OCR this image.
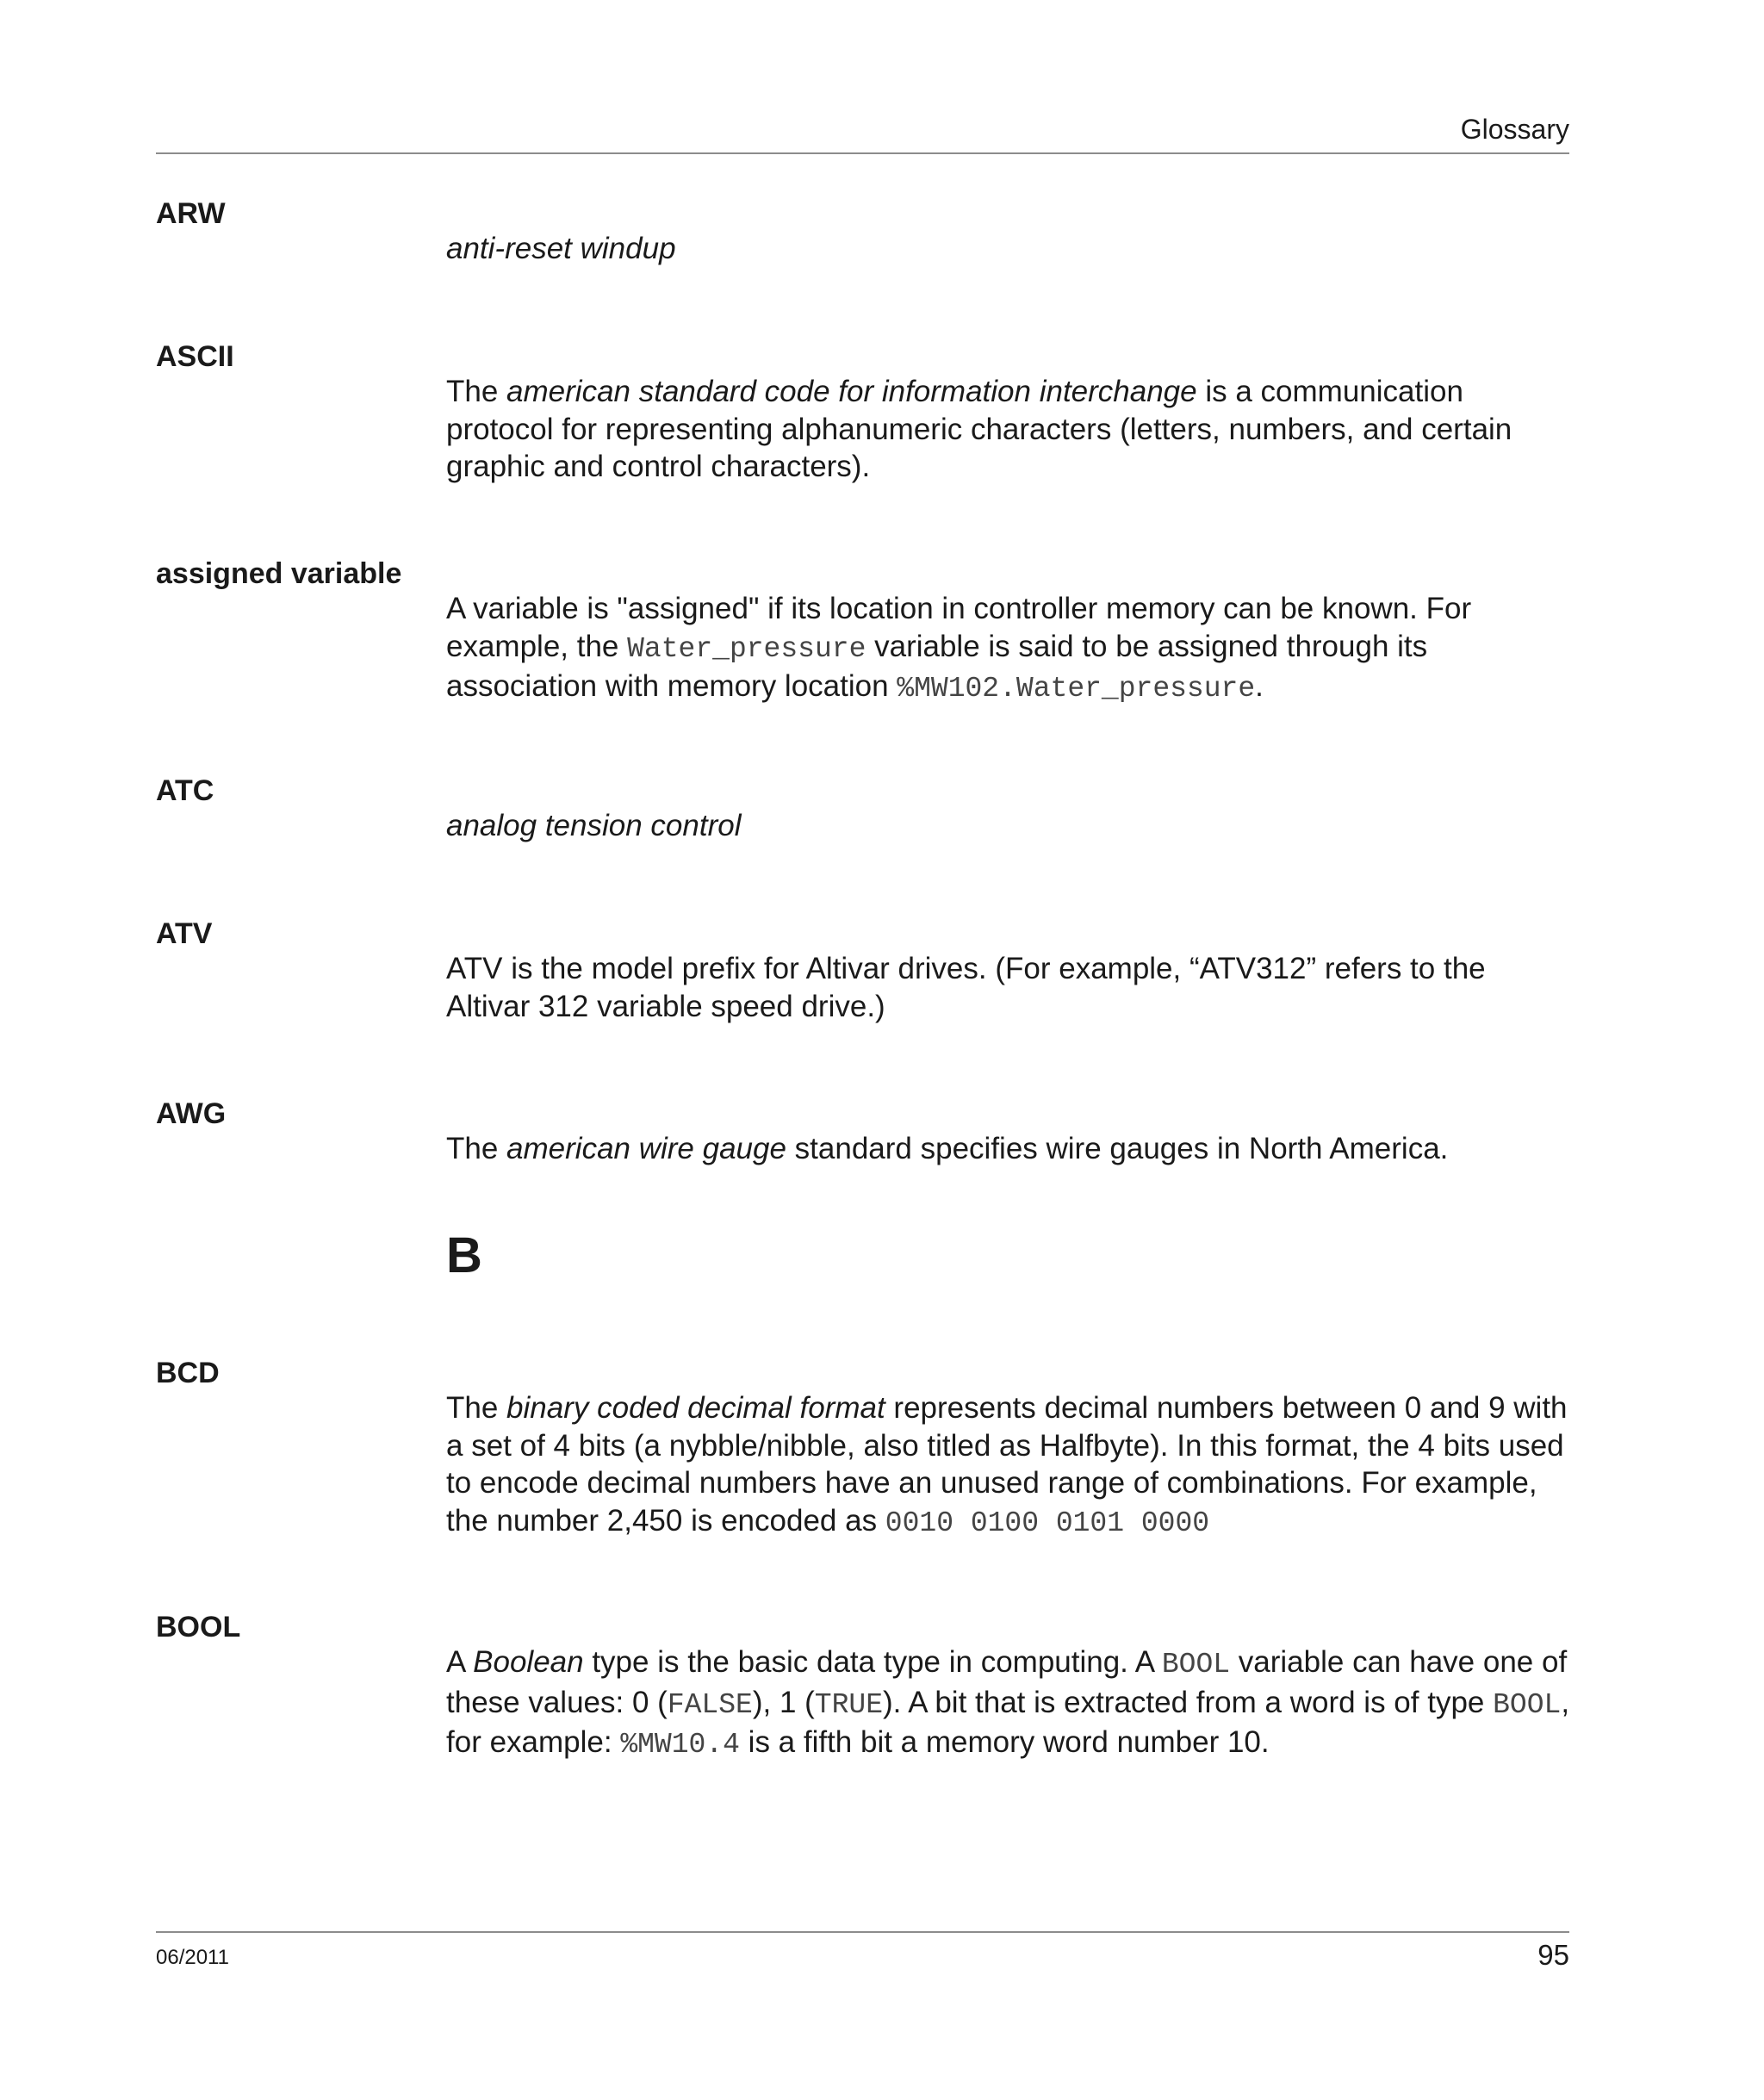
Glossary
ARW
anti-reset windup
ASCII
The american standard code for information interchange is a communication protocol for representing alphanumeric characters (letters, numbers, and certain graphic and control characters).
assigned variable
A variable is "assigned" if its location in controller memory can be known. For example, the Water_pressure variable is said to be assigned through its association with memory location %MW102.Water_pressure.
ATC
analog tension control
ATV
ATV is the model prefix for Altivar drives. (For example, “ATV312” refers to the Altivar 312 variable speed drive.)
AWG
The american wire gauge standard specifies wire gauges in North America.
B
BCD
The binary coded decimal format represents decimal numbers between 0 and 9 with a set of 4 bits (a nybble/nibble, also titled as Halfbyte). In this format, the 4 bits used to encode decimal numbers have an unused range of combinations. For example, the number 2,450 is encoded as 0010 0100 0101 0000
BOOL
A Boolean type is the basic data type in computing. A BOOL variable can have one of these values: 0 (FALSE), 1 (TRUE). A bit that is extracted from a word is of type BOOL, for example: %MW10.4 is a fifth bit a memory word number 10.
06/2011	95
